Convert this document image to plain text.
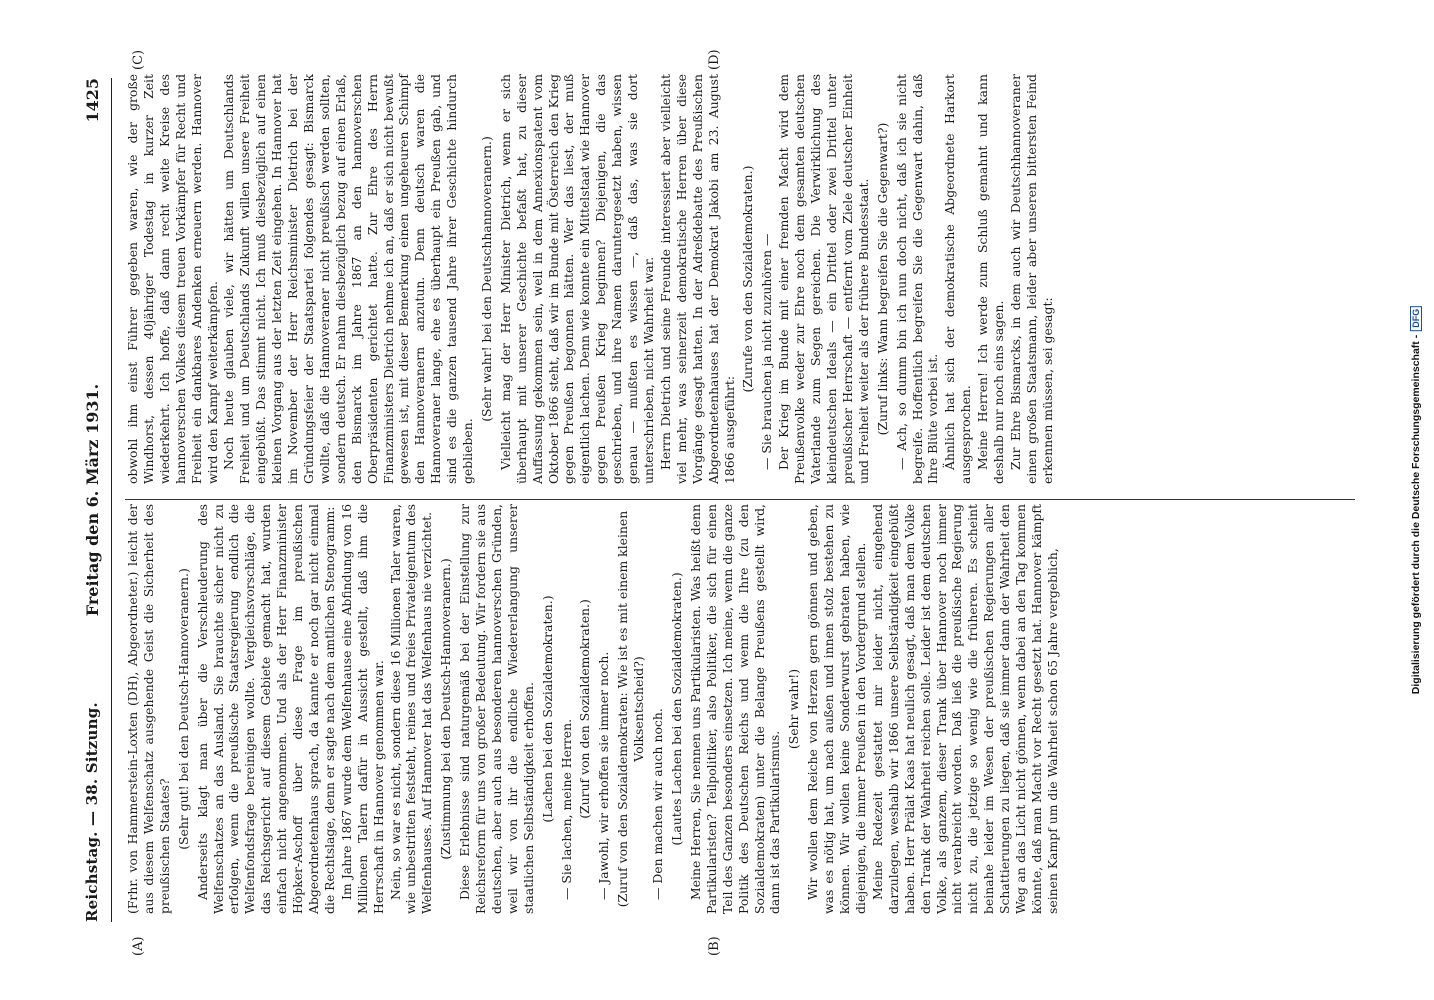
Reichstag. — 38. Sitzung.
Freitag den 6. März 1931.
1425
(A)	(B)
(C)	(D)

(Frhr. von Hammerstein-Loxten (DH), Abgeordneter.) leicht der aus diesem Welfenschatz ausgehende Geist die Sicherheit des preußischen Staates? (Sehr gut! bei den Deutsch-Hannoveranern.) Anderseits klagt man über die Verschleuderung des Welfenschatzes an das Ausland. Sie brauchte sicher nicht zu erfolgen, wenn die preußische Staatsregierung endlich die Welfenfondsfrage bereinigen wollte. Vergleichsvorschläge, die das Reichsgericht auf diesem Gebiete gemacht hat, wurden einfach nicht angenommen. Und als der Herr Finanzminister Höpker-Aschoff über diese Frage im preußischen Abgeordnetenhaus sprach, da kannte er noch gar nicht einmal die Rechtslage, denn er sagte nach dem amtlichen Stenogramm: Im Jahre 1867 wurde dem Welfenhause eine Abfindung von 16 Millionen Talern dafür in Aussicht gestellt, daß ihm die Herrschaft in Hannover genommen war. Nein, so war es nicht, sondern diese 16 Millionen Taler waren, wie unbestritten feststeht, reines und freies Privateigentum des Welfenhauses. Auf Hannover hat das Welfenhaus nie verzichtet. (Zustimmung bei den Deutsch-Hannoveranern.) Diese Erlebnisse sind naturgemäß bei der Einstellung zur Reichsreform für uns von großer Bedeutung. Wir fordern sie aus deutschen, aber auch aus besonderen hannoverschen Gründen, weil wir von ihr die endliche Wiedererlangung unserer staatlichen Selbständigkeit erhoffen. (Lachen bei den Sozialdemokraten.) — Sie lachen, meine Herren. (Zuruf von den Sozialdemokraten.) — Jawohl, wir erhoffen sie immer noch. (Zuruf von den Sozialdemokraten: Wie ist es mit einem kleinen Volksentscheid?) — Den machen wir auch noch. (Lautes Lachen bei den Sozialdemokraten.) Meine Herren, Sie nennen uns Partikularisten. Was heißt denn Partikularisten? Teilpolitiker, also Politiker, die sich für einen Teil des Ganzen besonders einsetzen. Ich meine, wenn die ganze Politik des Deutschen Reichs und wenn die Ihre (zu den Sozialdemokraten) unter die Belange Preußens gestellt wird, dann ist das Partikularismus.

(Sehr wahr!) Wir wollen dem Reiche von Herzen gern gönnen und geben, was es nötig hat, um nach außen und innen stolz bestehen zu können. Wir wollen keine Sonderwurst gebraten haben, wie diejenigen, die immer Preußen in den Vordergrund stellen. Meine Redezeit gestattet mir leider nicht, eingehend darzulegen, weshalb wir 1866 unsere Selbständigkeit eingebüßt haben. Herr Prälat Kaas hat neulich gesagt, daß man dem Volke den Trank der Wahrheit reichen solle. Leider ist dem deutschen Volke, als ganzem, dieser Trank über Hannover noch immer nicht verabreicht worden. Daß ließ die preußische Regierung nicht zu, die jetzige so wenig wie die früheren. Es scheint beinahe leider im Wesen der preußischen Regierungen aller Schattierungen zu liegen, daß sie immer dann der Wahrheit den Weg an das Licht nicht gönnen, wenn dabei an den Tag kommen könnte, daß man Macht vor Recht gesetzt hat. Hannover kämpft seinen Kampf um die Wahrheit schon 65 Jahre vergeblich,

obwohl ihm einst Führer gegeben waren, wie der große Windhorst, dessen 40jähriger Todestag in kurzer Zeit wiederkehrt. Ich hoffe, daß dann recht weite Kreise des hannoverschen Volkes diesem treuen Vorkämpfer für Recht und Freiheit ein dankbares Andenken erneuern werden. Hannover wird den Kampf weiterkämpfen. Noch heute glauben viele, wir hätten um Deutschlands Freiheit und um Deutschlands Zukunft willen unsere Freiheit eingebüßt. Das stimmt nicht. Ich muß diesbezüglich auf einen kleinen Vorgang aus der letzten Zeit eingehen. In Hannover hat im November der Herr Reichsminister Dietrich bei der Gründungsfeier der Staatspartei folgendes gesagt: Bismarck wollte, daß die Hannoveraner nicht preußisch werden sollten, sondern deutsch. Er nahm diesbezüglich bezug auf einen Erlaß, den Bismarck im Jahre 1867 an den hannoverschen Oberpräsidenten gerichtet hatte. Zur Ehre des Herrn Finanzministers Dietrich nehme ich an, daß er sich nicht bewußt gewesen ist, mit dieser Bemerkung einen ungeheuren Schimpf den Hannoveranern anzutun. Denn deutsch waren die Hannoveraner lange, ehe es überhaupt ein Preußen gab, und sind es die ganzen tausend Jahre ihrer Geschichte hindurch geblieben.

(Sehr wahr! bei den Deutschhannoveranern.) Vielleicht mag der Herr Minister Dietrich, wenn er sich überhaupt mit unserer Geschichte befaßt hat, zu dieser Auffassung gekommen sein, weil in dem Annexionspatent vom Oktober 1866 steht, daß wir im Bunde mit Österreich den Krieg gegen Preußen begonnen hätten. Wer das liest, der muß eigentlich lachen. Denn wie konnte ein Mittelstaat wie Hannover gegen Preußen Krieg beginnen? Diejenigen, die das geschrieben, und ihre Namen daruntergesetzt haben, wissen genau — mußten es wissen —, daß das, was sie dort unterschrieben, nicht Wahrheit war. Herrn Dietrich und seine Freunde interessiert aber vielleicht viel mehr, was seinerzeit demokratische Herren über diese Vorgänge gesagt hatten. In der Adreßdebatte des Preußischen Abgeordnetenhauses hat der Demokrat Jakobi am 23. August 1866 ausgeführt:

(Zurufe von den Sozialdemokraten.) — Sie brauchen ja nicht zuzuhören — Der Krieg im Bunde mit einer fremden Macht wird dem Preußenvolke weder zur Ehre noch dem gesamten deutschen Vaterlande zum Segen gereichen. Die Verwirklichung des kleindeutschen Ideals — ein Drittel oder zwei Drittel unter preußischer Herrschaft — entfernt vom Ziele deutscher Einheit und Freiheit weiter als der frühere Bundesstaat. (Zuruf links: Wann begreifen Sie die Gegenwart?) — Ach, so dumm bin ich nun doch nicht, daß ich sie nicht begreife. Hoffentlich begreifen Sie die Gegenwart dahin, daß Ihre Blüte vorbei ist. Ähnlich hat sich der demokratische Abgeordnete Harkort ausgesprochen. Meine Herren! Ich werde zum Schluß gemahnt und kann deshalb nur noch eins sagen. Zur Ehre Bismarcks, in dem auch wir Deutschhannoveraner einen großen Staatsmann, leider aber unseren bittersten Feind erkennen müssen, sei gesagt:	Digitalisierung gefördert durch die Deutsche Forschungsgemeinschaft -DFG
